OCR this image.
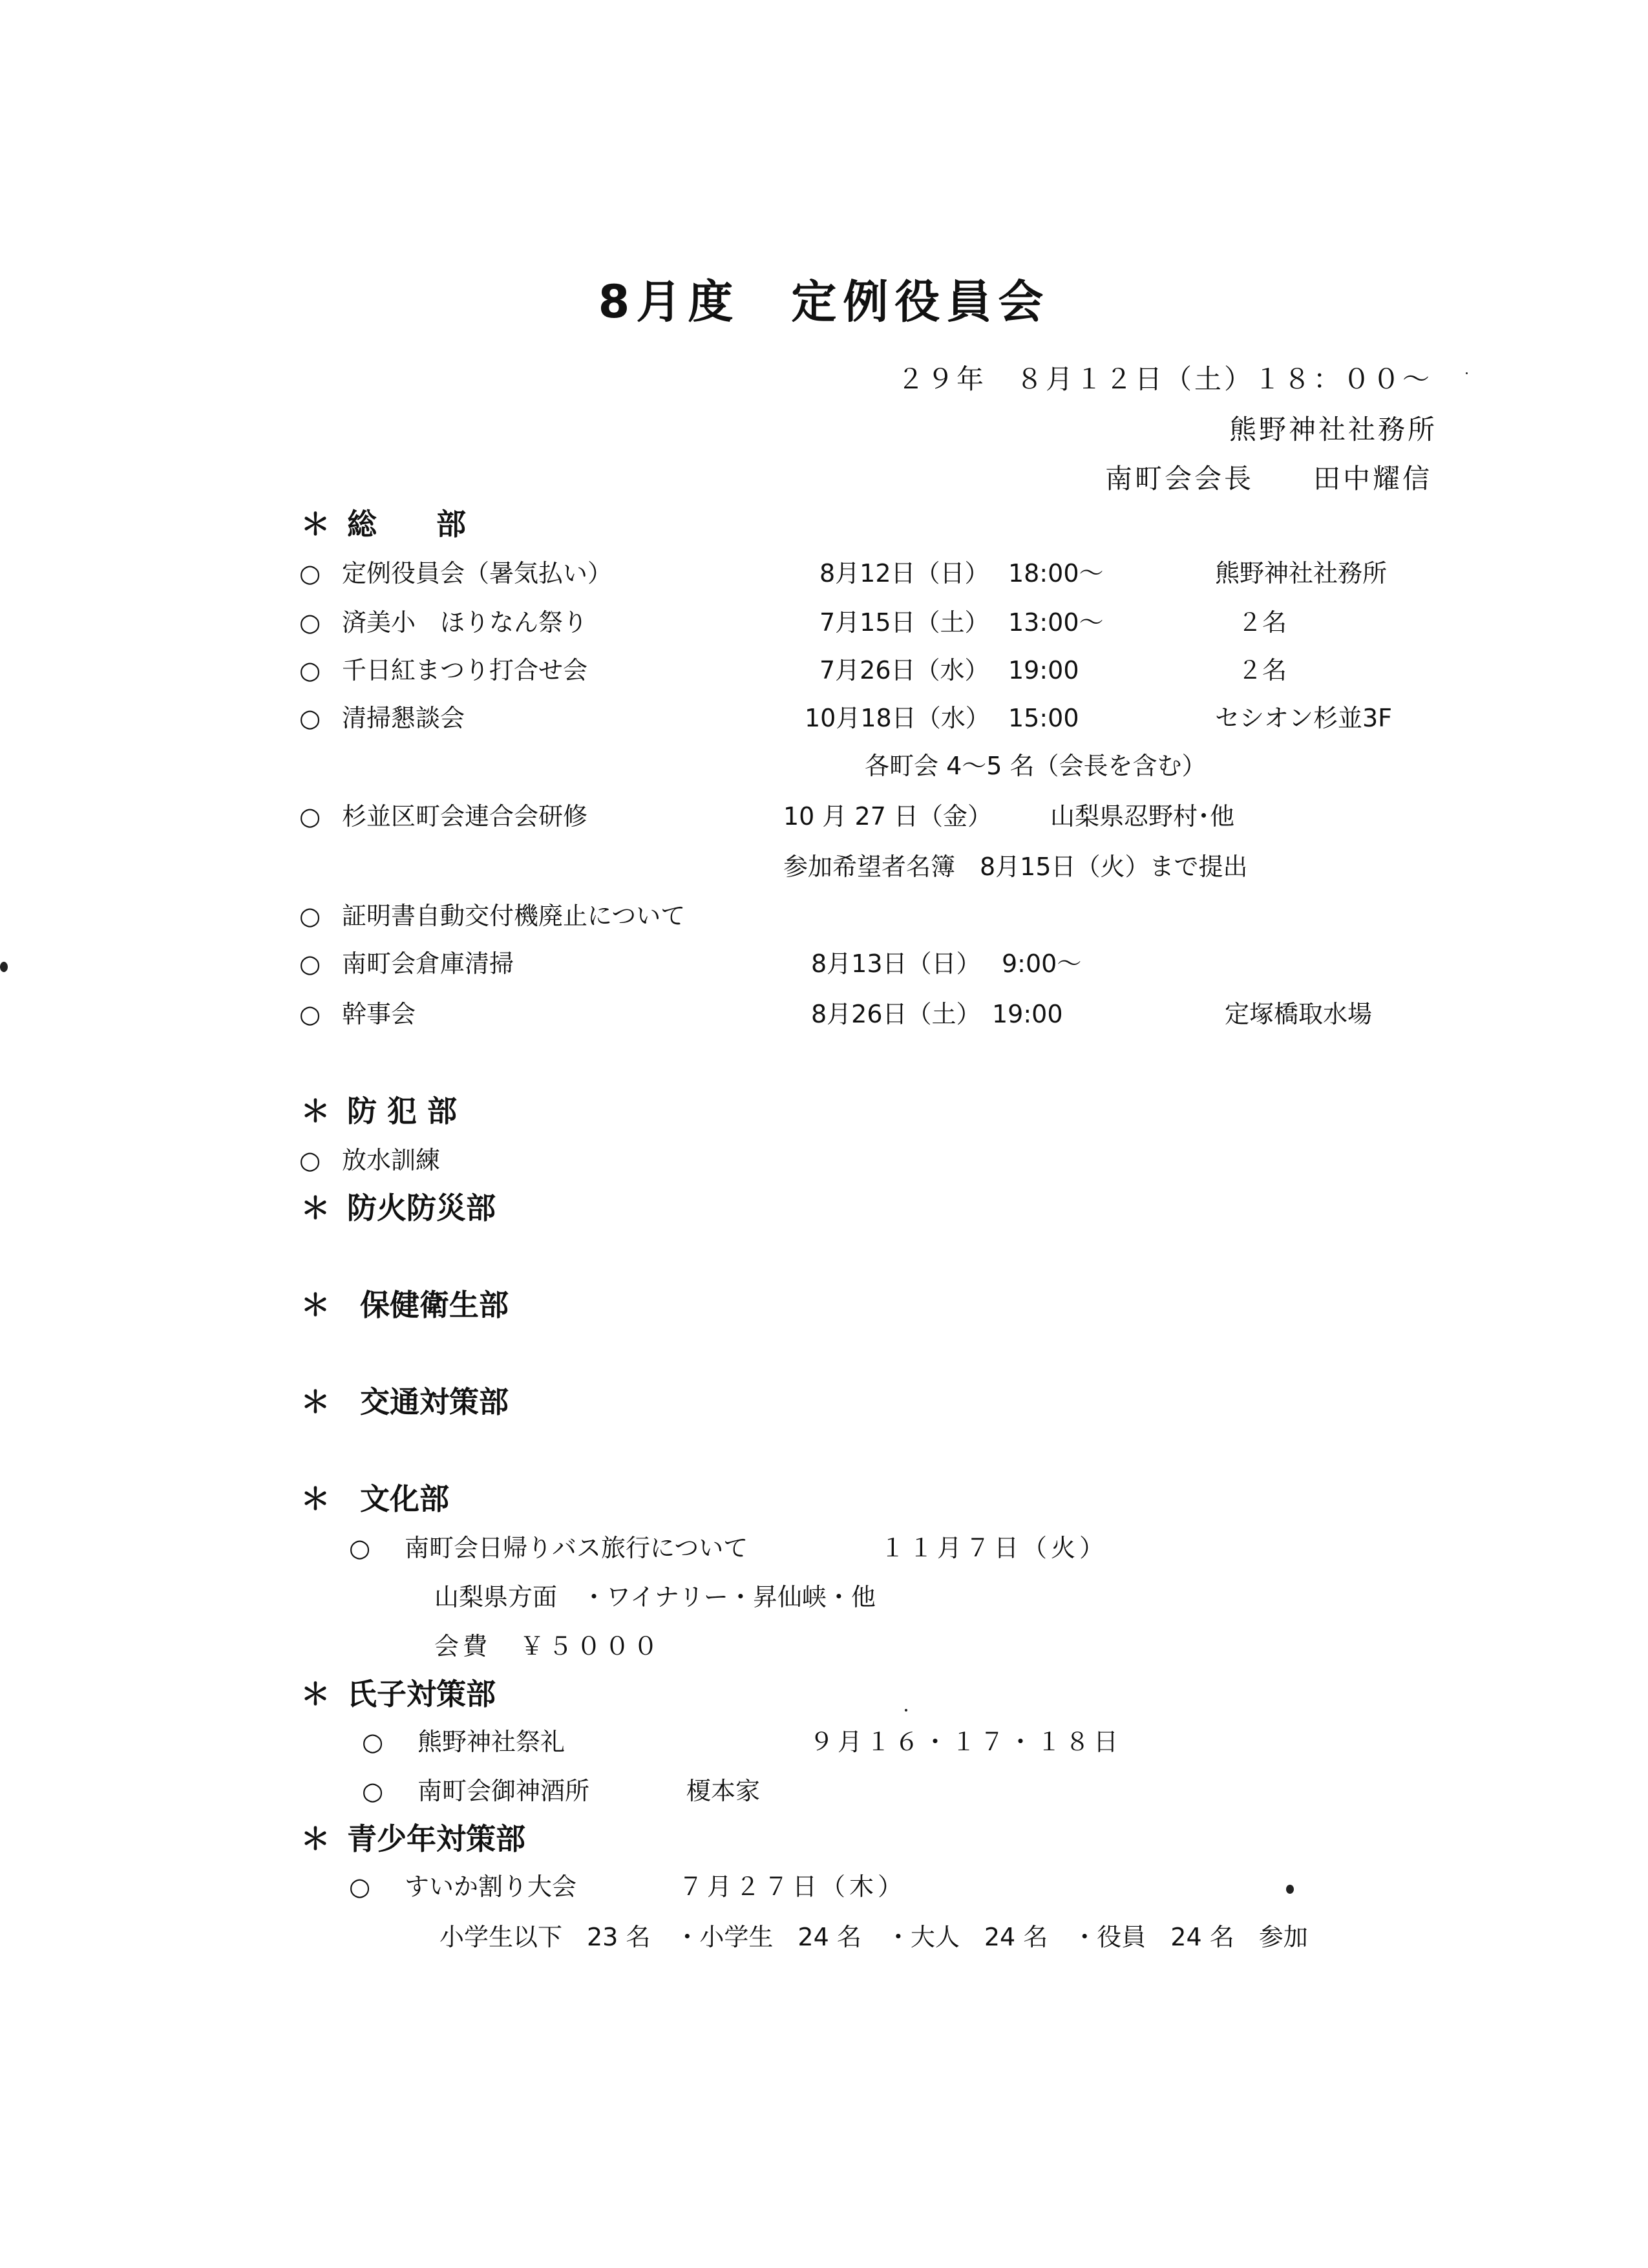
8月度　定例役員会
２９年　８月１２日（土）１８：００～
熊野神社社務所
南町会会長 田中耀信
＊ 総　　部
○ 定例役員会（暑気払い）	8月12日（日） 18:00～	熊野神社社務所
○ 済美小　ほりなん祭り	7月15日（土） 13:00～	２名
○ 千日紅まつり打合せ会	7月26日（水） 19:00	２名
○ 清掃懇談会	10月18日（水） 15:00	セシオン杉並3F
各町会 4～5 名（会長を含む）
○ 杉並区町会連合会研修	10 月 27 日（金） 山梨県忍野村･他
参加希望者名簿　8月15日（火）まで提出
○ 証明書自動交付機廃止について
○ 南町会倉庫清掃	8月13日（日） 9:00～
○ 幹事会	8月26日（土） 19:00	定塚橋取水場
＊ 防 犯 部
○ 放水訓練
＊ 防火防災部
＊ 保健衛生部
＊ 交通対策部
＊ 文化部
○ 南町会日帰りバス旅行について	１１月７日（火）
山梨県方面　・ワイナリー・昇仙峡・他
会費　￥５０００
＊ 氏子対策部
○ 熊野神社祭礼	９月１６・１７・１８日
○ 南町会御神酒所	榎本家
＊ 青少年対策部
○ すいか割り大会	７月２７日（木）
小学生以下　23 名　・小学生　24 名　・大人　24 名　・役員　24 名　参加
